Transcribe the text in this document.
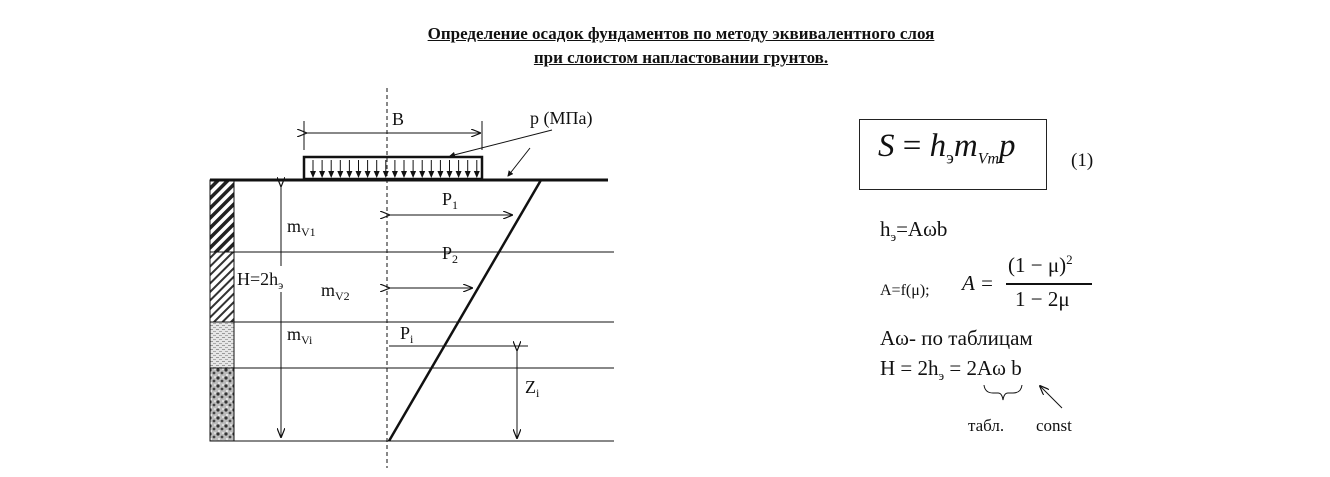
Определение осадок фундаментов по методу эквивалентного слоя
при слоистом напластовании грунтов.
B	p (МПа)
$P_1$
$P_2$
$P_i$
$H=2h_э$
$m_{V1}$
$m_{V2}$
$m_{Vi}$
$Z_i$
$S = h_эm_{Vm}p$	(1)
$h_э=A\omega b$
A=f(μ); A =
$(1 - \mu)^2$
1 − 2μ
Aω- по таблицам
$H = 2h_э = 2A\omega$ b
табл. const
